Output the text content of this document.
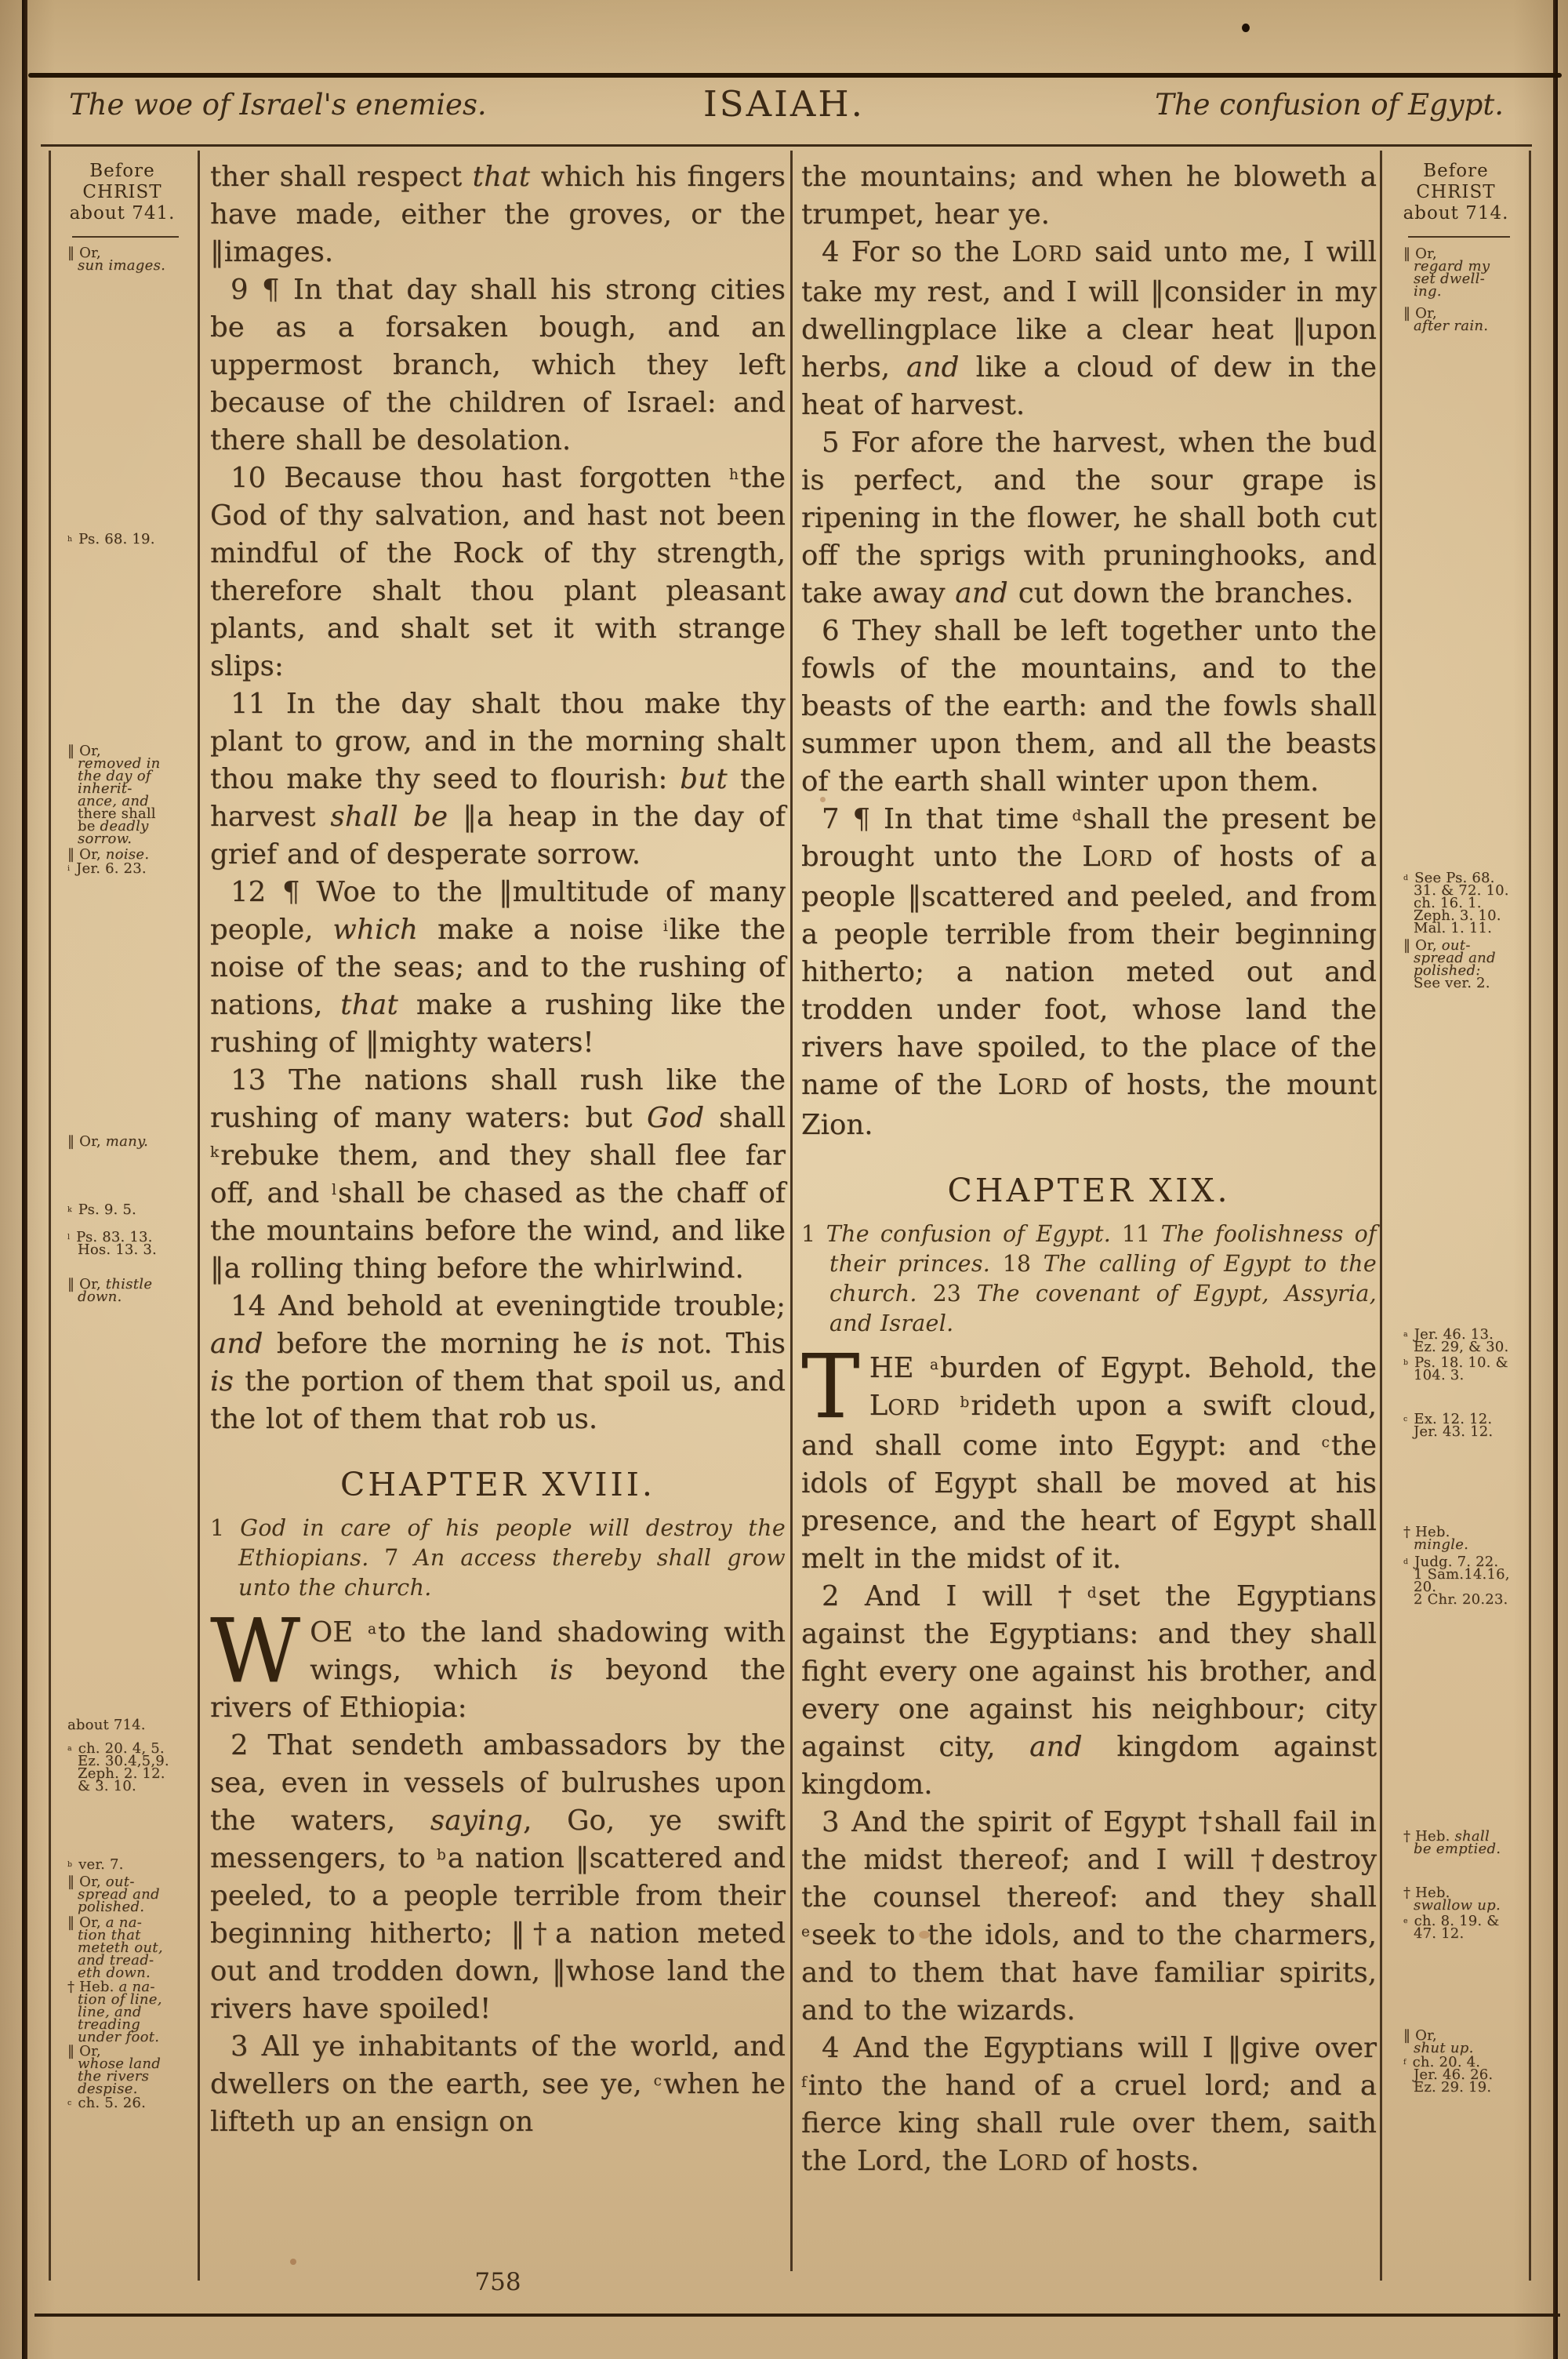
The woe of Israel's enemies.	ISAIAH.	The confusion of Egypt.
Before
CHRIST
about 741.
‖ Or,
sun images.
$^h$ Ps. 68. 19.
‖ Or,
removed in
the day of
inherit-
ance, and
there shall
be deadly
sorrow.
‖ Or, noise.
$^i$ Jer. 6. 23.
‖ Or, many.
$^k$ Ps. 9. 5.
$^l$ Ps. 83. 13.
Hos. 13. 3.
‖ Or, thistle
down.
about 714.
$^a$ ch. 20. 4, 5.
Ez. 30.4,5,9.
Zeph. 2. 12.
& 3. 10.
$^b$ ver. 7.
‖ Or, out-
spread and
polished.
‖ Or, a na-
tion that
meteth out,
and tread-
eth down.
† Heb. a na-
tion of line,
line, and
treading
under foot.
‖ Or,
whose land
the rivers
despise.
$^c$ ch. 5. 26.

ther shall respect that which his fingers have made, either the groves, or the ‖images.

9 ¶ In that day shall his strong cities be as a forsaken bough, and an uppermost branch, which they left because of the children of Israel: and there shall be desolation.

10 Because thou hast forgotten $^h$the God of thy salvation, and hast not been mindful of the Rock of thy strength, therefore shalt thou plant pleasant plants, and shalt set it with strange slips:

11 In the day shalt thou make thy plant to grow, and in the morning shalt thou make thy seed to flourish: but the harvest shall be ‖a heap in the day of grief and of desperate sorrow.

12 ¶ Woe to the ‖multitude of many people, which make a noise $^i$like the noise of the seas; and to the rushing of nations, that make a rushing like the rushing of ‖mighty waters!

13 The nations shall rush like the rushing of many waters: but God shall $^k$rebuke them, and they shall flee far off, and $^l$shall be chased as the chaff of the mountains before the wind, and like ‖a rolling thing before the whirlwind.

14 And behold at eveningtide trouble; and before the morning he is not. This is the portion of them that spoil us, and the lot of them that rob us.

CHAPTER XVIII.

1 God in care of his people will destroy the Ethiopians. 7 An access thereby shall grow unto the church.

WOE $^a$to the land shadowing with wings, which is beyond the rivers of Ethiopia:

2 That sendeth ambassadors by the sea, even in vessels of bulrushes upon the waters, saying, Go, ye swift messengers, to $^b$a nation ‖scattered and peeled, to a people terrible from their beginning hitherto; ‖†a nation meted out and trodden down, ‖whose land the rivers have spoiled!

3 All ye inhabitants of the world, and dwellers on the earth, see ye, $^c$when he lifteth up an ensign on

the mountains; and when he bloweth a trumpet, hear ye.

4 For so the LORD said unto me, I will take my rest, and I will ‖consider in my dwellingplace like a clear heat ‖upon herbs, and like a cloud of dew in the heat of harvest.

5 For afore the harvest, when the bud is perfect, and the sour grape is ripening in the flower, he shall both cut off the sprigs with pruninghooks, and take away and cut down the branches.

6 They shall be left together unto the fowls of the mountains, and to the beasts of the earth: and the fowls shall summer upon them, and all the beasts of the earth shall winter upon them.

7 ¶ In that time $^d$shall the present be brought unto the LORD of hosts of a people ‖scattered and peeled, and from a people terrible from their beginning hitherto; a nation meted out and trodden under foot, whose land the rivers have spoiled, to the place of the name of the LORD of hosts, the mount Zion.

CHAPTER XIX.

1 The confusion of Egypt. 11 The foolishness of their princes. 18 The calling of Egypt to the church. 23 The covenant of Egypt, Assyria, and Israel.

THE $^a$burden of Egypt. Behold, the LORD $^b$rideth upon a swift cloud, and shall come into Egypt: and $^c$the idols of Egypt shall be moved at his presence, and the heart of Egypt shall melt in the midst of it.

2 And I will †$^d$set the Egyptians against the Egyptians: and they shall fight every one against his brother, and every one against his neighbour; city against city, and kingdom against kingdom.

3 And the spirit of Egypt †shall fail in the midst thereof; and I will †destroy the counsel thereof: and they shall $^e$seek to the idols, and to the charmers, and to them that have familiar spirits, and to the wizards.

4 And the Egyptians will I ‖give over $^f$into the hand of a cruel lord; and a fierce king shall rule over them, saith the Lord, the LORD of hosts.

Before
CHRIST
about 714.
‖ Or,
regard my
set dwell-
ing.
‖ Or,
after rain.
$^d$ See Ps. 68.
31. & 72. 10.
ch. 16. 1.
Zeph. 3. 10.
Mal. 1. 11.
‖ Or, out-
spread and
polished:
See ver. 2.
$^a$ Jer. 46. 13.
Ez. 29, & 30.
$^b$ Ps. 18. 10. &
104. 3.
$^c$ Ex. 12. 12.
Jer. 43. 12.
† Heb.
mingle.
$^d$ Judg. 7. 22.
1 Sam.14.16,
20.
2 Chr. 20.23.
† Heb. shall
be emptied.
† Heb.
swallow up.
$^e$ ch. 8. 19. &
47. 12.
‖ Or,
shut up.
$^f$ ch. 20. 4.
Jer. 46. 26.
Ez. 29. 19.
758
